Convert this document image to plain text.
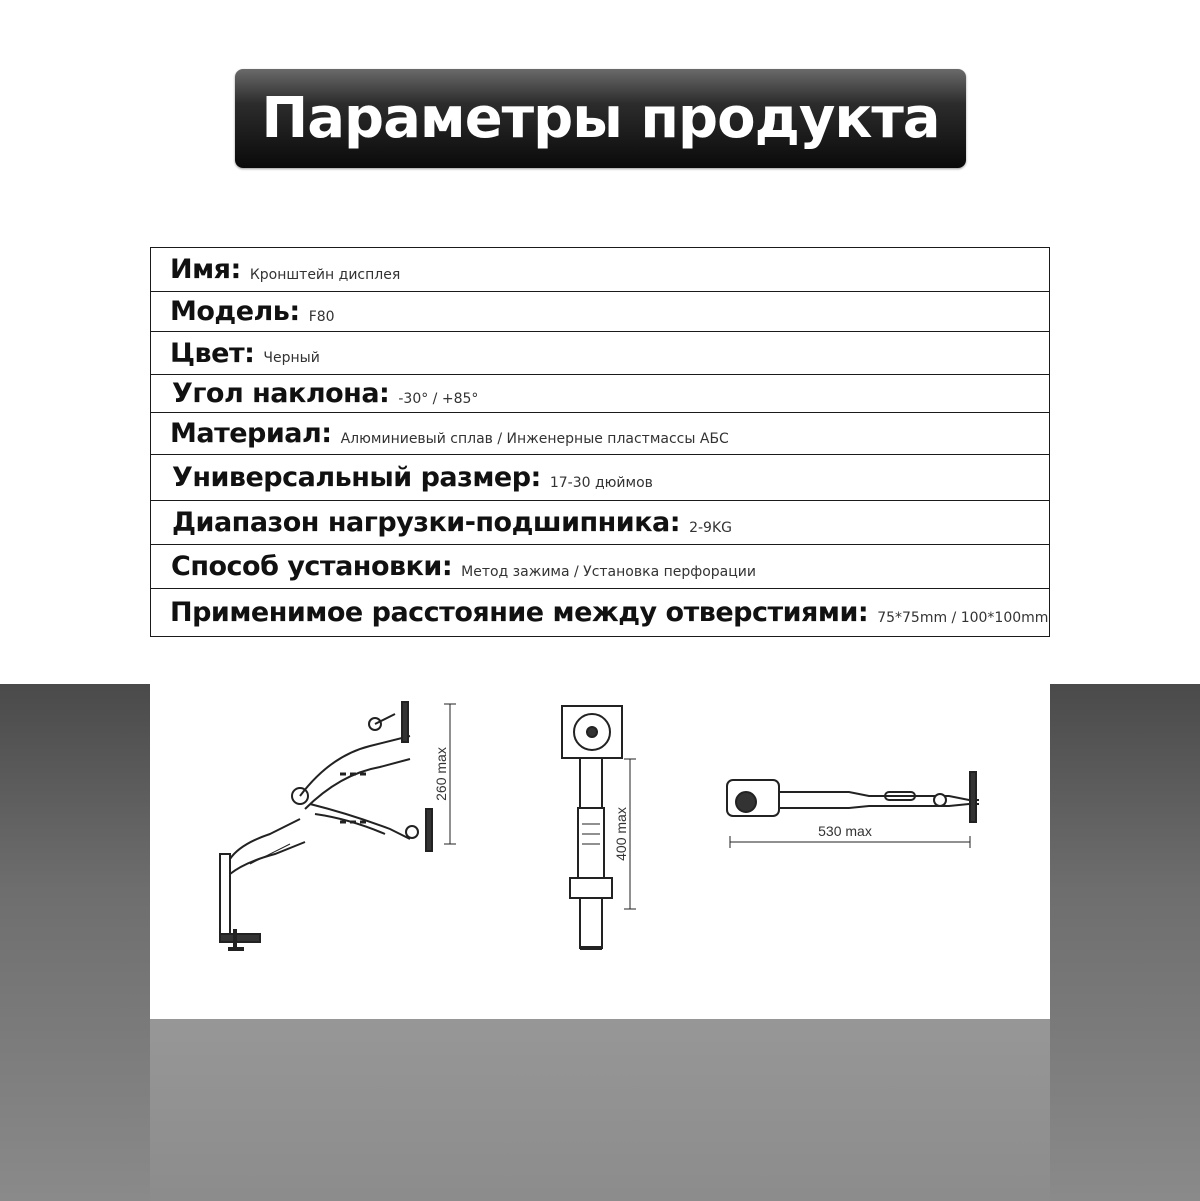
Параметры продукта
Имя: Кронштейн дисплея
Модель: F80
Цвет: Черный
Угол наклона: -30° / +85°
Материал: Алюминиевый сплав / Инженерные пластмассы АБС
Универсальный размер: 17-30 дюймов
Диапазон нагрузки-подшипника: 2-9KG
Способ установки: Метод зажима / Установка перфорации
Применимое расстояние между отверстиями: 75*75mm / 100*100mm
260 max
400 max	530 max
